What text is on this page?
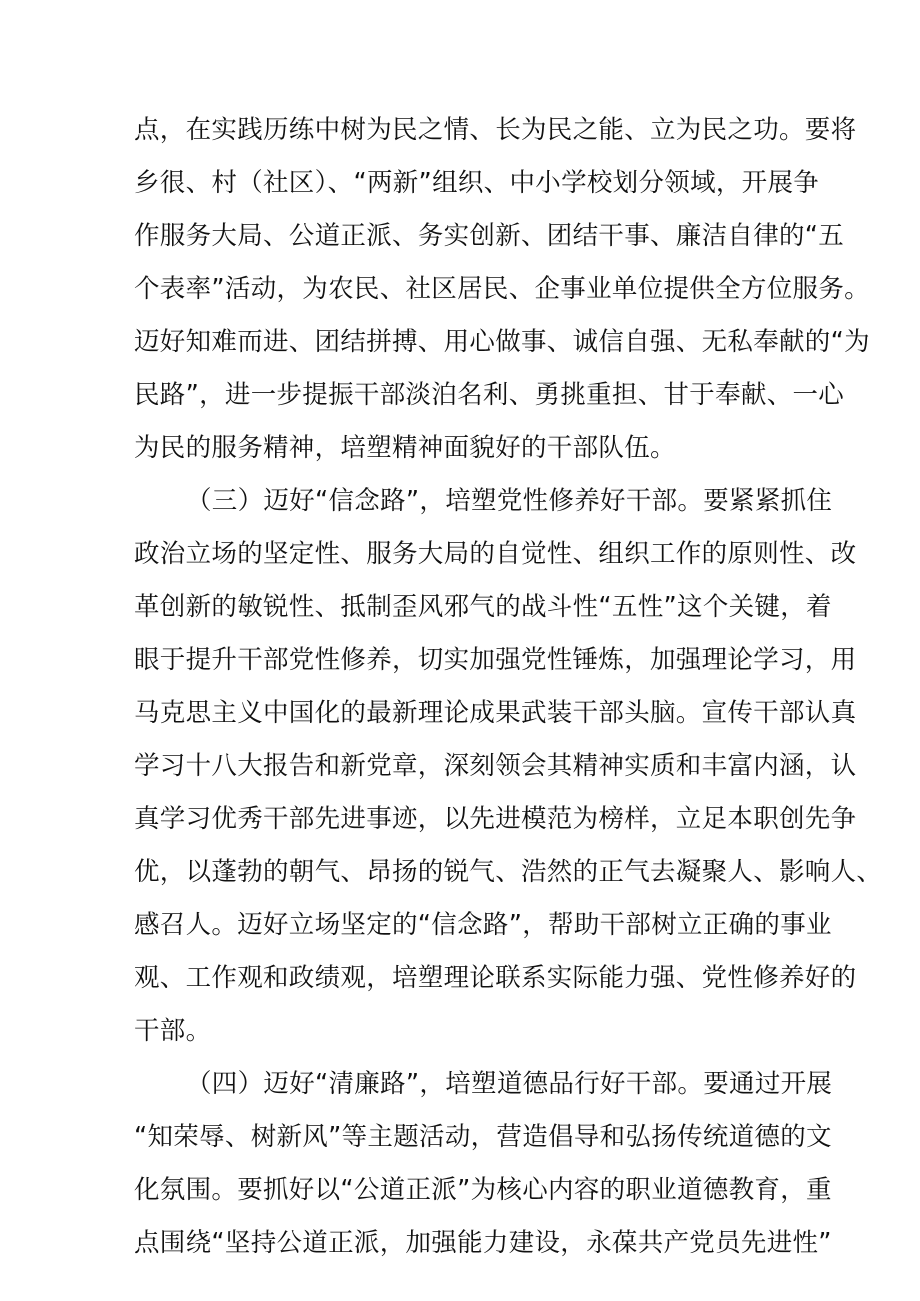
点，在实践历练中树为民之情、长为民之能、立为民之功。要将
乡很、村（社区）、“两新”组织、中小学校划分领域，开展争
作服务大局、公道正派、务实创新、团结干事、廉洁自律的“五
个表率”活动，为农民、社区居民、企事业单位提供全方位服务。
迈好知难而进、团结拼搏、用心做事、诚信自强、无私奉献的“为
民路”，进一步提振干部淡泊名利、勇挑重担、甘于奉献、一心
为民的服务精神，培塑精神面貌好的干部队伍。
（三）迈好“信念路”，培塑党性修养好干部。要紧紧抓住
政治立场的坚定性、服务大局的自觉性、组织工作的原则性、改
革创新的敏锐性、抵制歪风邪气的战斗性“五性”这个关键，着
眼于提升干部党性修养，切实加强党性锤炼，加强理论学习，用
马克思主义中国化的最新理论成果武装干部头脑。宣传干部认真
学习十八大报告和新党章，深刻领会其精神实质和丰富内涵，认
真学习优秀干部先进事迹，以先进模范为榜样，立足本职创先争
优，以蓬勃的朝气、昂扬的锐气、浩然的正气去凝聚人、影响人、
感召人。迈好立场坚定的“信念路”，帮助干部树立正确的事业
观、工作观和政绩观，培塑理论联系实际能力强、党性修养好的
干部。
（四）迈好“清廉路”，培塑道德品行好干部。要通过开展
“知荣辱、树新风”等主题活动，营造倡导和弘扬传统道德的文
化氛围。要抓好以“公道正派”为核心内容的职业道德教育，重
点围绕“坚持公道正派，加强能力建设，永葆共产党员先进性”
